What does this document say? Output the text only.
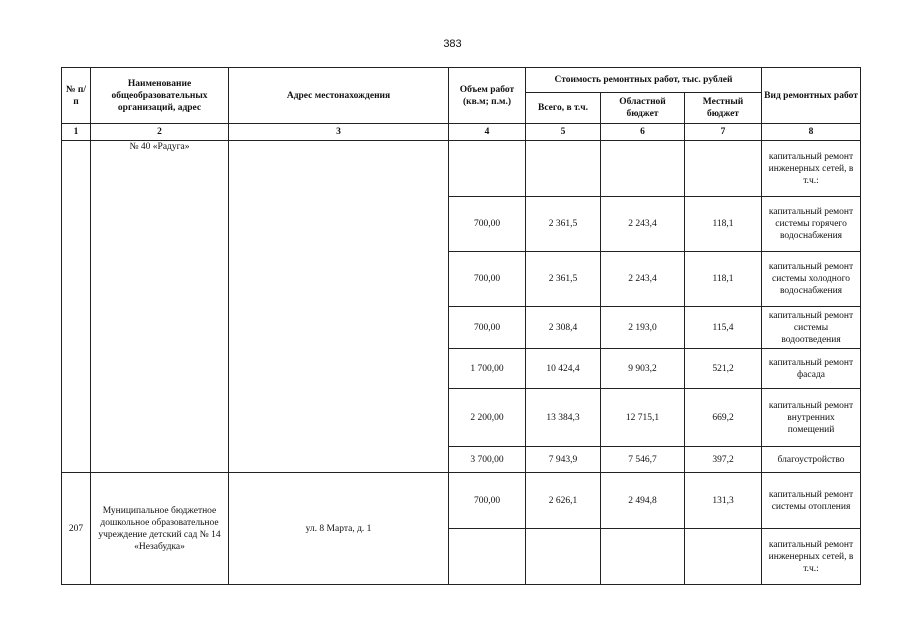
383
№ п/п	Наименование общеобразовательных организаций, адрес	Адрес местонахождения	Объем работ (кв.м; п.м.)	Стоимость ремонтных работ, тыс. рублей			Вид ремонтных работ
				Всего, в т.ч.	Областной бюджет	Местный бюджет	
1	2	3	4	5	6	7	8
	№ 40 «Радуга»						капитальный ремонт инженерных сетей, в т.ч.:
			700,00	2 361,5	2 243,4	118,1	капитальный ремонт системы горячего водоснабжения
			700,00	2 361,5	2 243,4	118,1	капитальный ремонт системы холодного водоснабжения
			700,00	2 308,4	2 193,0	115,4	капитальный ремонт системы водоотведения
			1 700,00	10 424,4	9 903,2	521,2	капитальный ремонт фасада
			2 200,00	13 384,3	12 715,1	669,2	капитальный ремонт внутренних помещений
			3 700,00	7 943,9	7 546,7	397,2	благоустройство
207	Муниципальное бюджетное дошкольное образовательное учреждение детский сад № 14 «Незабудка»	ул. 8 Марта, д. 1	700,00	2 626,1	2 494,8	131,3	капитальный ремонт системы отопления
							капитальный ремонт инженерных сетей, в т.ч.:
